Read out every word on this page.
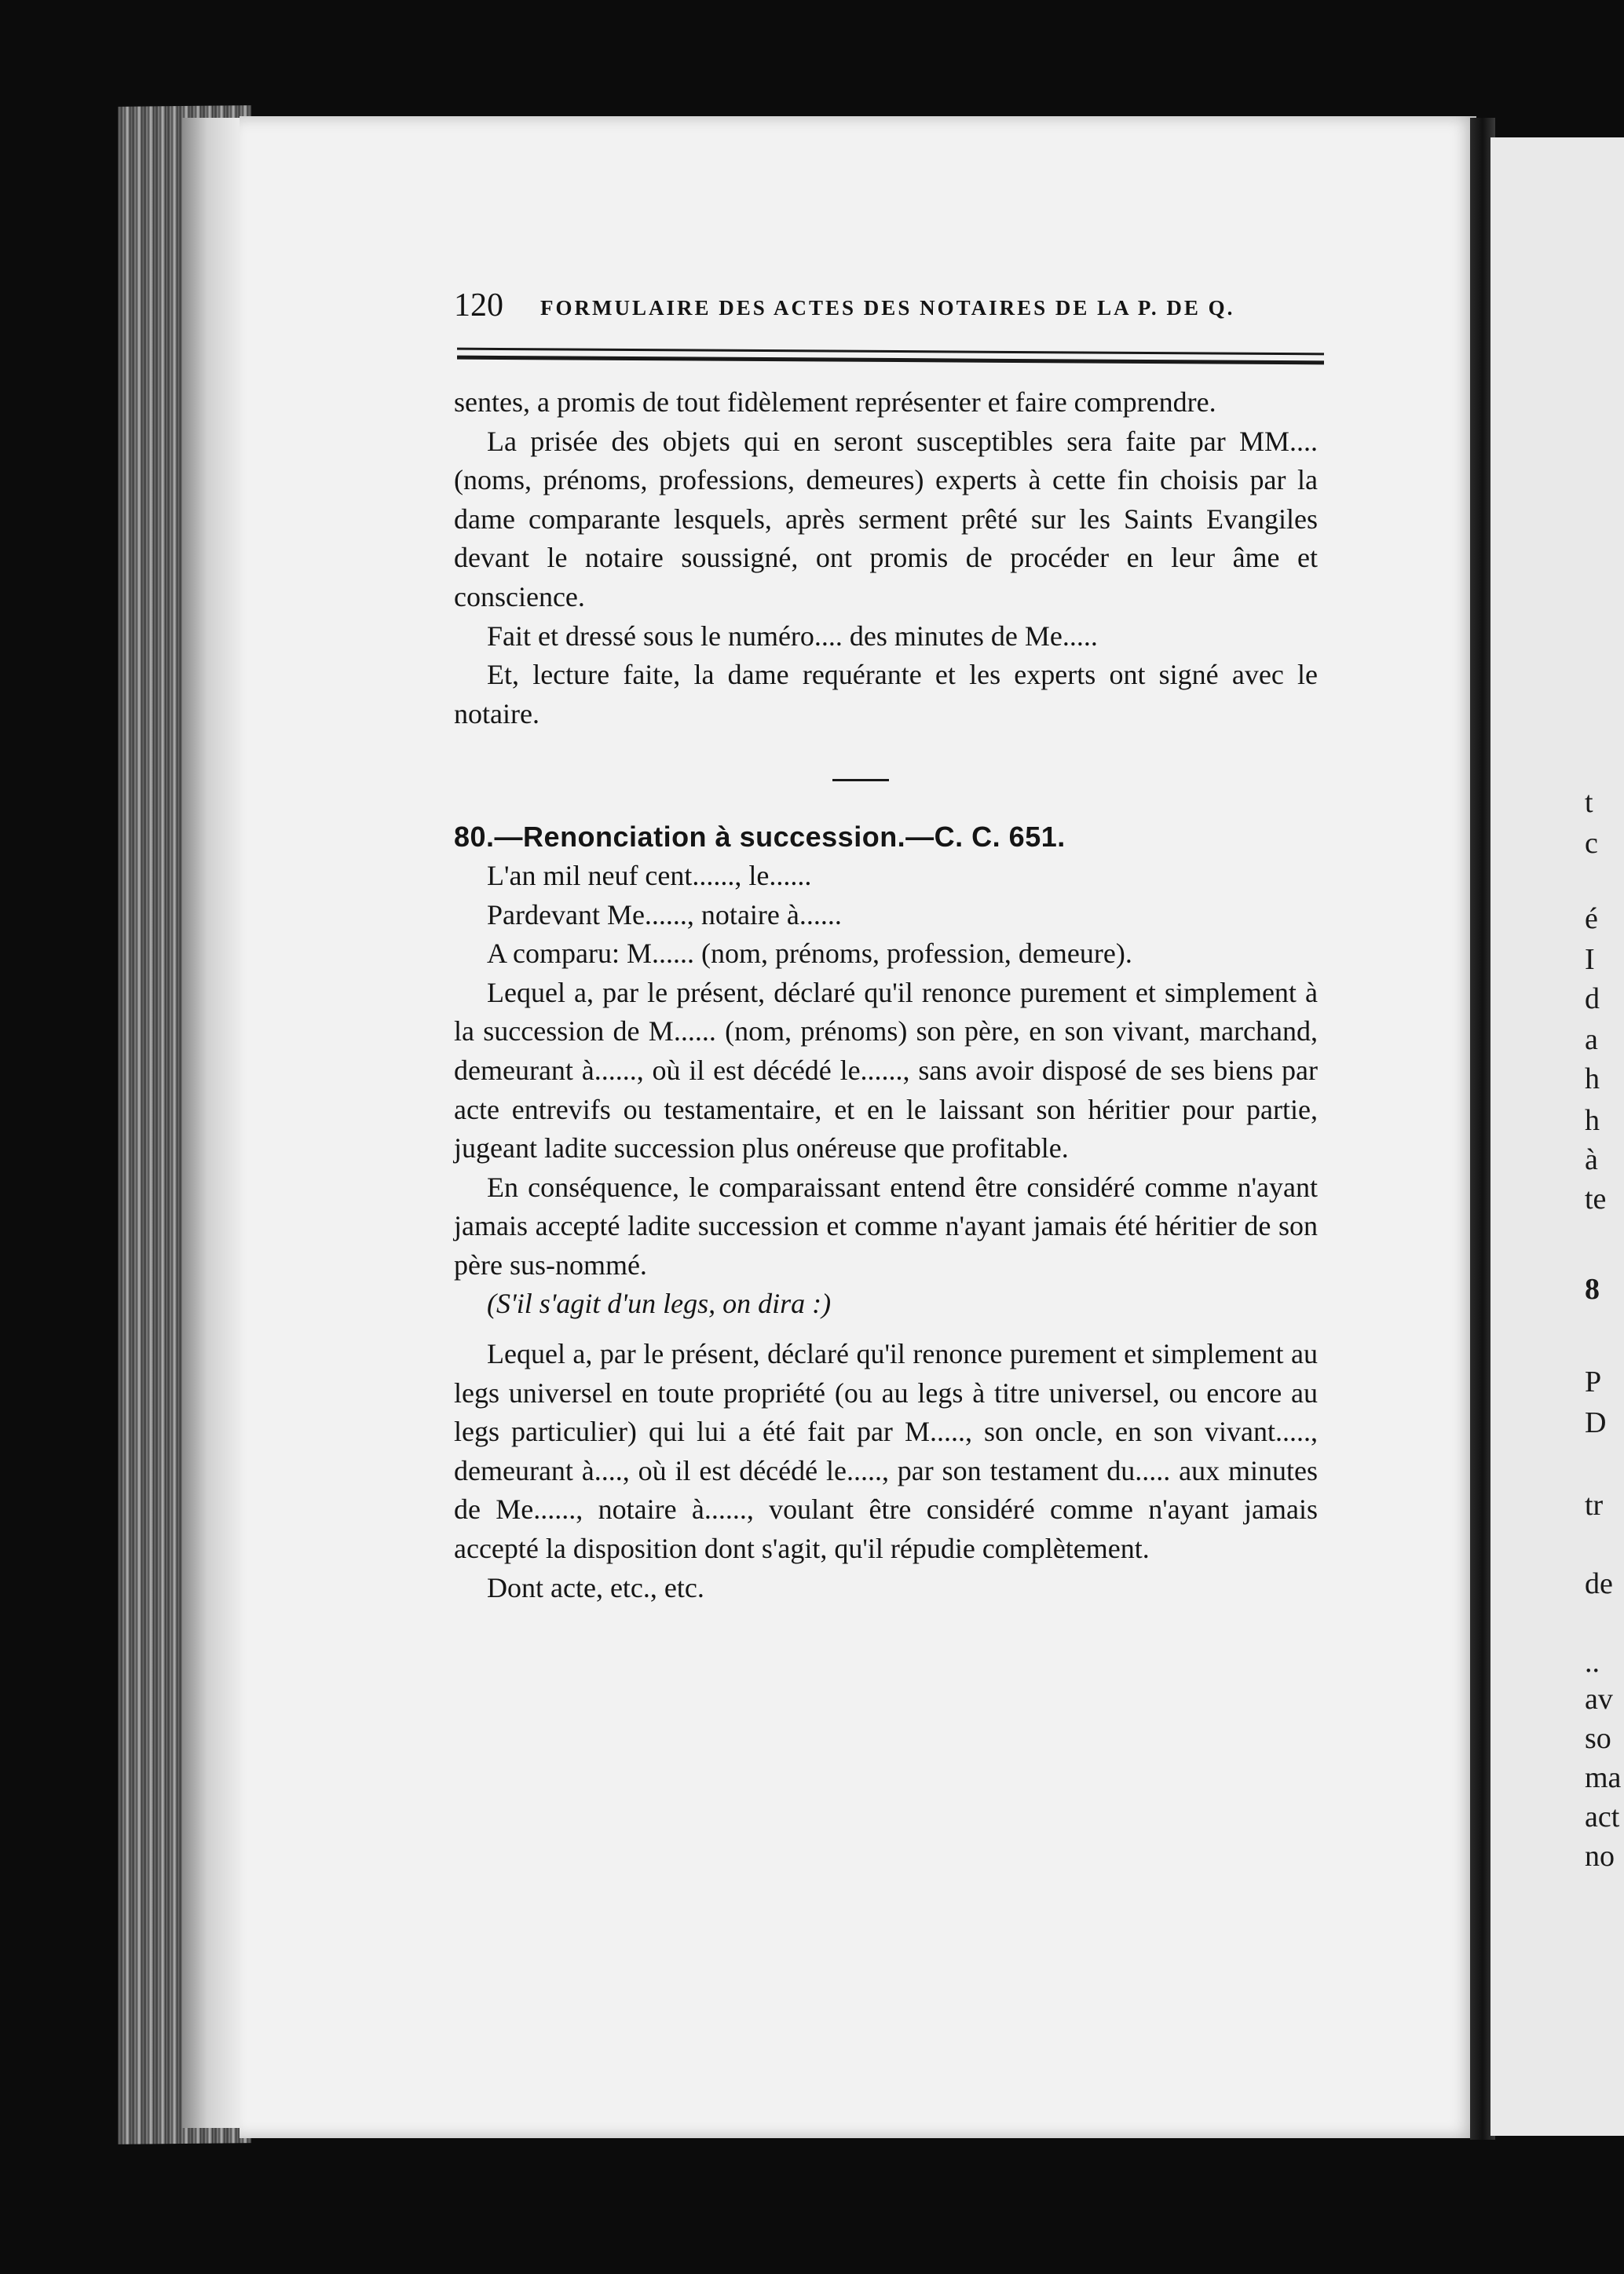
t
c
é
I
d
a
h
h
à
te
8
P
D
tr
de
..
av
so
ma
act
no
120 FORMULAIRE DES ACTES DES NOTAIRES DE LA P. DE Q.

sentes, a promis de tout fidèlement représenter et faire comprendre.

La prisée des objets qui en seront susceptibles sera faite par MM.... (noms, prénoms, professions, demeures) experts à cette fin choisis par la dame comparante lesquels, après serment prêté sur les Saints Evangiles devant le notaire soussigné, ont promis de procéder en leur âme et conscience.

Fait et dressé sous le numéro.... des minutes de Me.....

Et, lecture faite, la dame requérante et les experts ont signé avec le notaire.

80.—Renonciation à succession.—C. C. 651.

L'an mil neuf cent......, le......

Pardevant Me......, notaire à......

A comparu: M...... (nom, prénoms, profession, demeure).

Lequel a, par le présent, déclaré qu'il renonce purement et simplement à la succession de M...... (nom, prénoms) son père, en son vivant, marchand, demeurant à......, où il est décédé le......, sans avoir disposé de ses biens par acte entrevifs ou testamentaire, et en le laissant son héritier pour partie, jugeant ladite succession plus onéreuse que profitable.

En conséquence, le comparaissant entend être considéré comme n'ayant jamais accepté ladite succession et comme n'ayant jamais été héritier de son père sus-nommé.

(S'il s'agit d'un legs, on dira :)

Lequel a, par le présent, déclaré qu'il renonce purement et simplement au legs universel en toute propriété (ou au legs à titre universel, ou encore au legs particulier) qui lui a été fait par M....., son oncle, en son vivant....., demeurant à...., où il est décédé le....., par son testament du..... aux minutes de Me......, notaire à......, voulant être considéré comme n'ayant jamais accepté la disposition dont s'agit, qu'il répudie complètement.

Dont acte, etc., etc.
